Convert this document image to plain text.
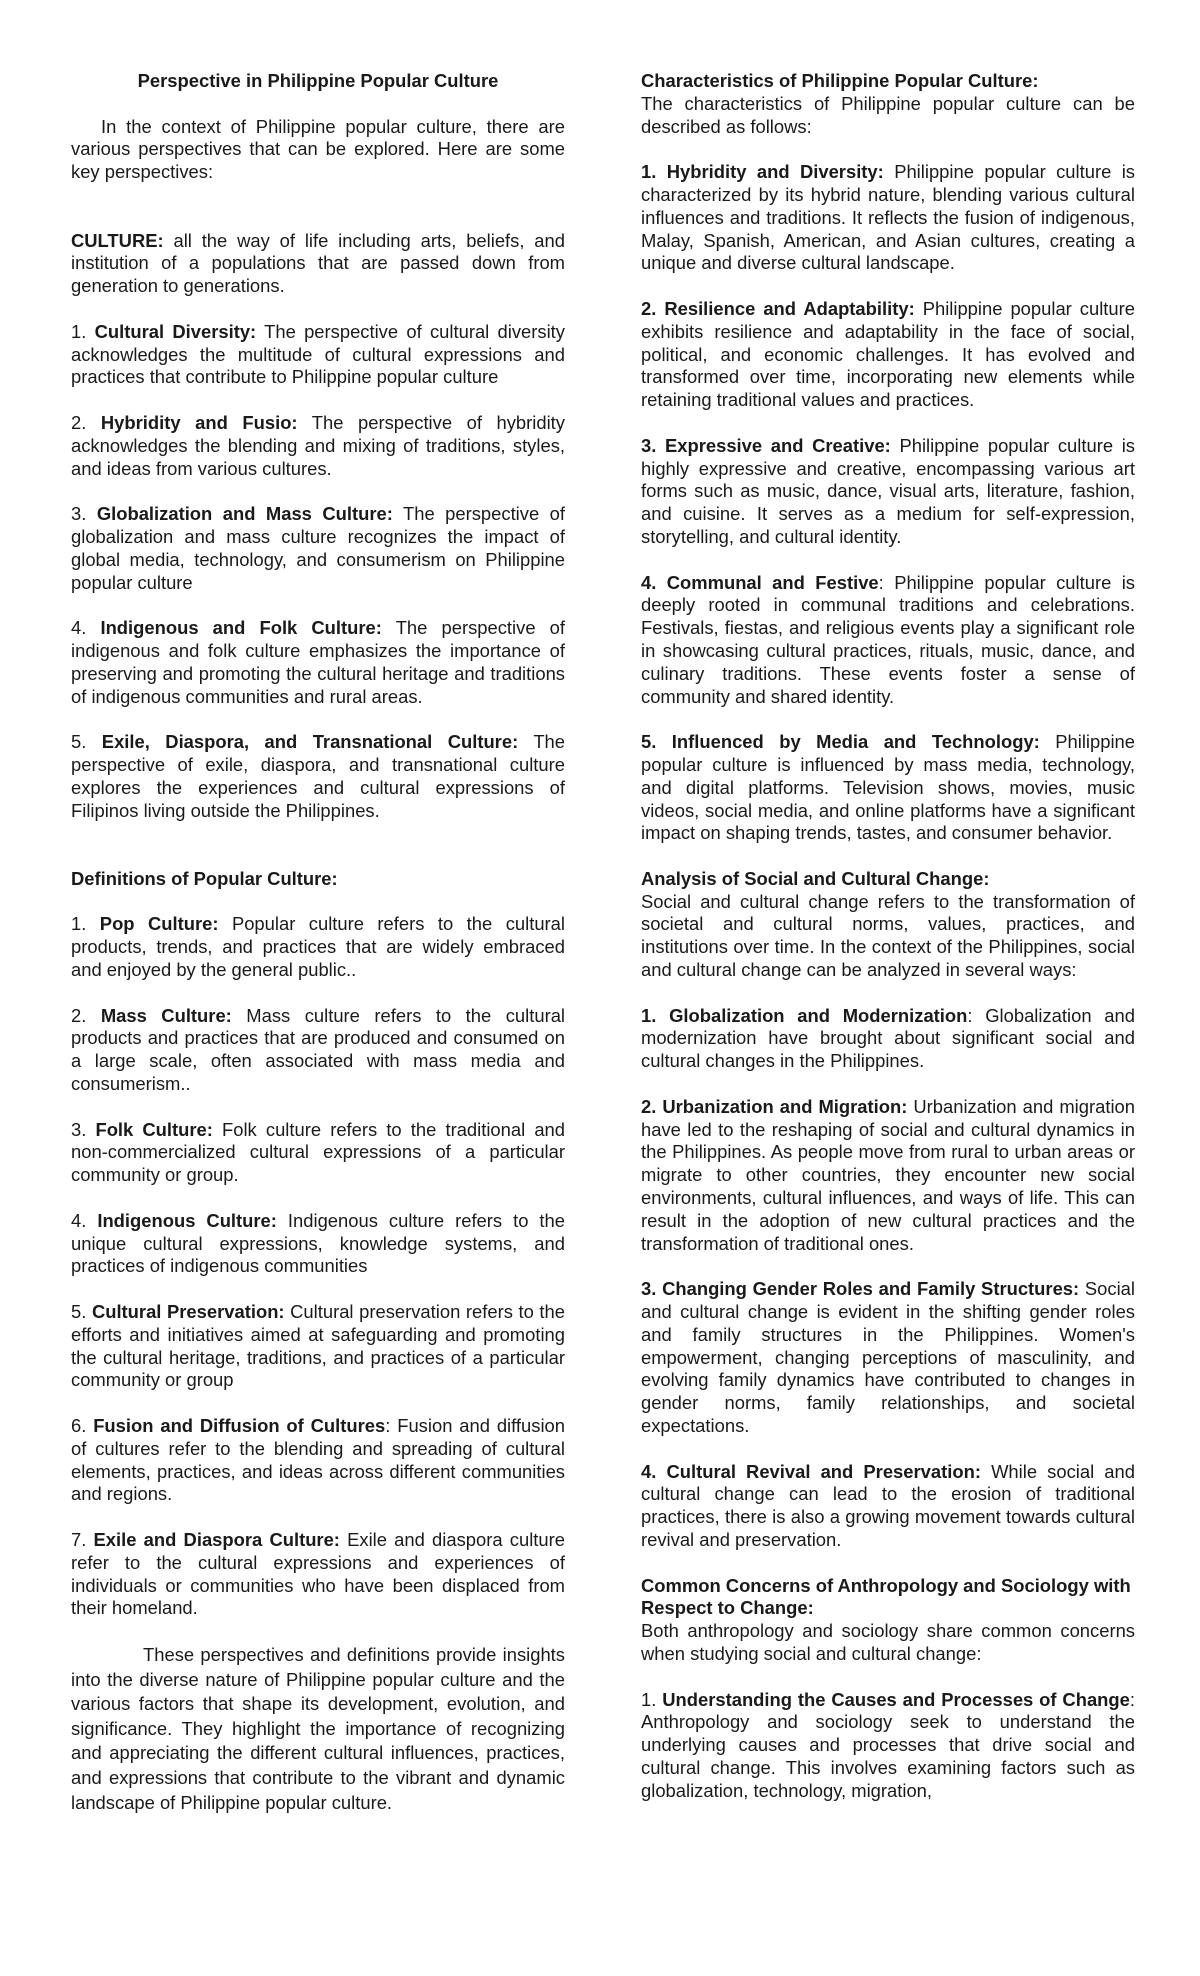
Perspective in Philippine Popular Culture

In the context of Philippine popular culture, there are various perspectives that can be explored. Here are some key perspectives:

CULTURE: all the way of life including arts, beliefs, and institution of a populations that are passed down from generation to generations.

1. Cultural Diversity: The perspective of cultural diversity acknowledges the multitude of cultural expressions and practices that contribute to Philippine popular culture

2. Hybridity and Fusio: The perspective of hybridity acknowledges the blending and mixing of traditions, styles, and ideas from various cultures.

3. Globalization and Mass Culture: The perspective of globalization and mass culture recognizes the impact of global media, technology, and consumerism on Philippine popular culture

4. Indigenous and Folk Culture: The perspective of indigenous and folk culture emphasizes the importance of preserving and promoting the cultural heritage and traditions of indigenous communities and rural areas.

5. Exile, Diaspora, and Transnational Culture: The perspective of exile, diaspora, and transnational culture explores the experiences and cultural expressions of Filipinos living outside the Philippines.

Definitions of Popular Culture:

1. Pop Culture: Popular culture refers to the cultural products, trends, and practices that are widely embraced and enjoyed by the general public..

2. Mass Culture: Mass culture refers to the cultural products and practices that are produced and consumed on a large scale, often associated with mass media and consumerism..

3. Folk Culture: Folk culture refers to the traditional and non-commercialized cultural expressions of a particular community or group.

4. Indigenous Culture: Indigenous culture refers to the unique cultural expressions, knowledge systems, and practices of indigenous communities

5. Cultural Preservation: Cultural preservation refers to the efforts and initiatives aimed at safeguarding and promoting the cultural heritage, traditions, and practices of a particular community or group

6. Fusion and Diffusion of Cultures: Fusion and diffusion of cultures refer to the blending and spreading of cultural elements, practices, and ideas across different communities and regions.

7. Exile and Diaspora Culture: Exile and diaspora culture refer to the cultural expressions and experiences of individuals or communities who have been displaced from their homeland.

These perspectives and definitions provide insights into the diverse nature of Philippine popular culture and the various factors that shape its development, evolution, and significance. They highlight the importance of recognizing and appreciating the different cultural influences, practices, and expressions that contribute to the vibrant and dynamic landscape of Philippine popular culture.

Characteristics of Philippine Popular Culture:

The characteristics of Philippine popular culture can be described as follows:

1. Hybridity and Diversity: Philippine popular culture is characterized by its hybrid nature, blending various cultural influences and traditions. It reflects the fusion of indigenous, Malay, Spanish, American, and Asian cultures, creating a unique and diverse cultural landscape.

2. Resilience and Adaptability: Philippine popular culture exhibits resilience and adaptability in the face of social, political, and economic challenges. It has evolved and transformed over time, incorporating new elements while retaining traditional values and practices.

3. Expressive and Creative: Philippine popular culture is highly expressive and creative, encompassing various art forms such as music, dance, visual arts, literature, fashion, and cuisine. It serves as a medium for self-expression, storytelling, and cultural identity.

4. Communal and Festive: Philippine popular culture is deeply rooted in communal traditions and celebrations. Festivals, fiestas, and religious events play a significant role in showcasing cultural practices, rituals, music, dance, and culinary traditions. These events foster a sense of community and shared identity.

5. Influenced by Media and Technology: Philippine popular culture is influenced by mass media, technology, and digital platforms. Television shows, movies, music videos, social media, and online platforms have a significant impact on shaping trends, tastes, and consumer behavior.

Analysis of Social and Cultural Change:

Social and cultural change refers to the transformation of societal and cultural norms, values, practices, and institutions over time. In the context of the Philippines, social and cultural change can be analyzed in several ways:

1. Globalization and Modernization: Globalization and modernization have brought about significant social and cultural changes in the Philippines.

2. Urbanization and Migration: Urbanization and migration have led to the reshaping of social and cultural dynamics in the Philippines. As people move from rural to urban areas or migrate to other countries, they encounter new social environments, cultural influences, and ways of life. This can result in the adoption of new cultural practices and the transformation of traditional ones.

3. Changing Gender Roles and Family Structures: Social and cultural change is evident in the shifting gender roles and family structures in the Philippines. Women's empowerment, changing perceptions of masculinity, and evolving family dynamics have contributed to changes in gender norms, family relationships, and societal expectations.

4. Cultural Revival and Preservation: While social and cultural change can lead to the erosion of traditional practices, there is also a growing movement towards cultural revival and preservation.

Common Concerns of Anthropology and Sociology with Respect to Change:

Both anthropology and sociology share common concerns when studying social and cultural change:

1. Understanding the Causes and Processes of Change: Anthropology and sociology seek to understand the underlying causes and processes that drive social and cultural change. This involves examining factors such as globalization, technology, migration,
